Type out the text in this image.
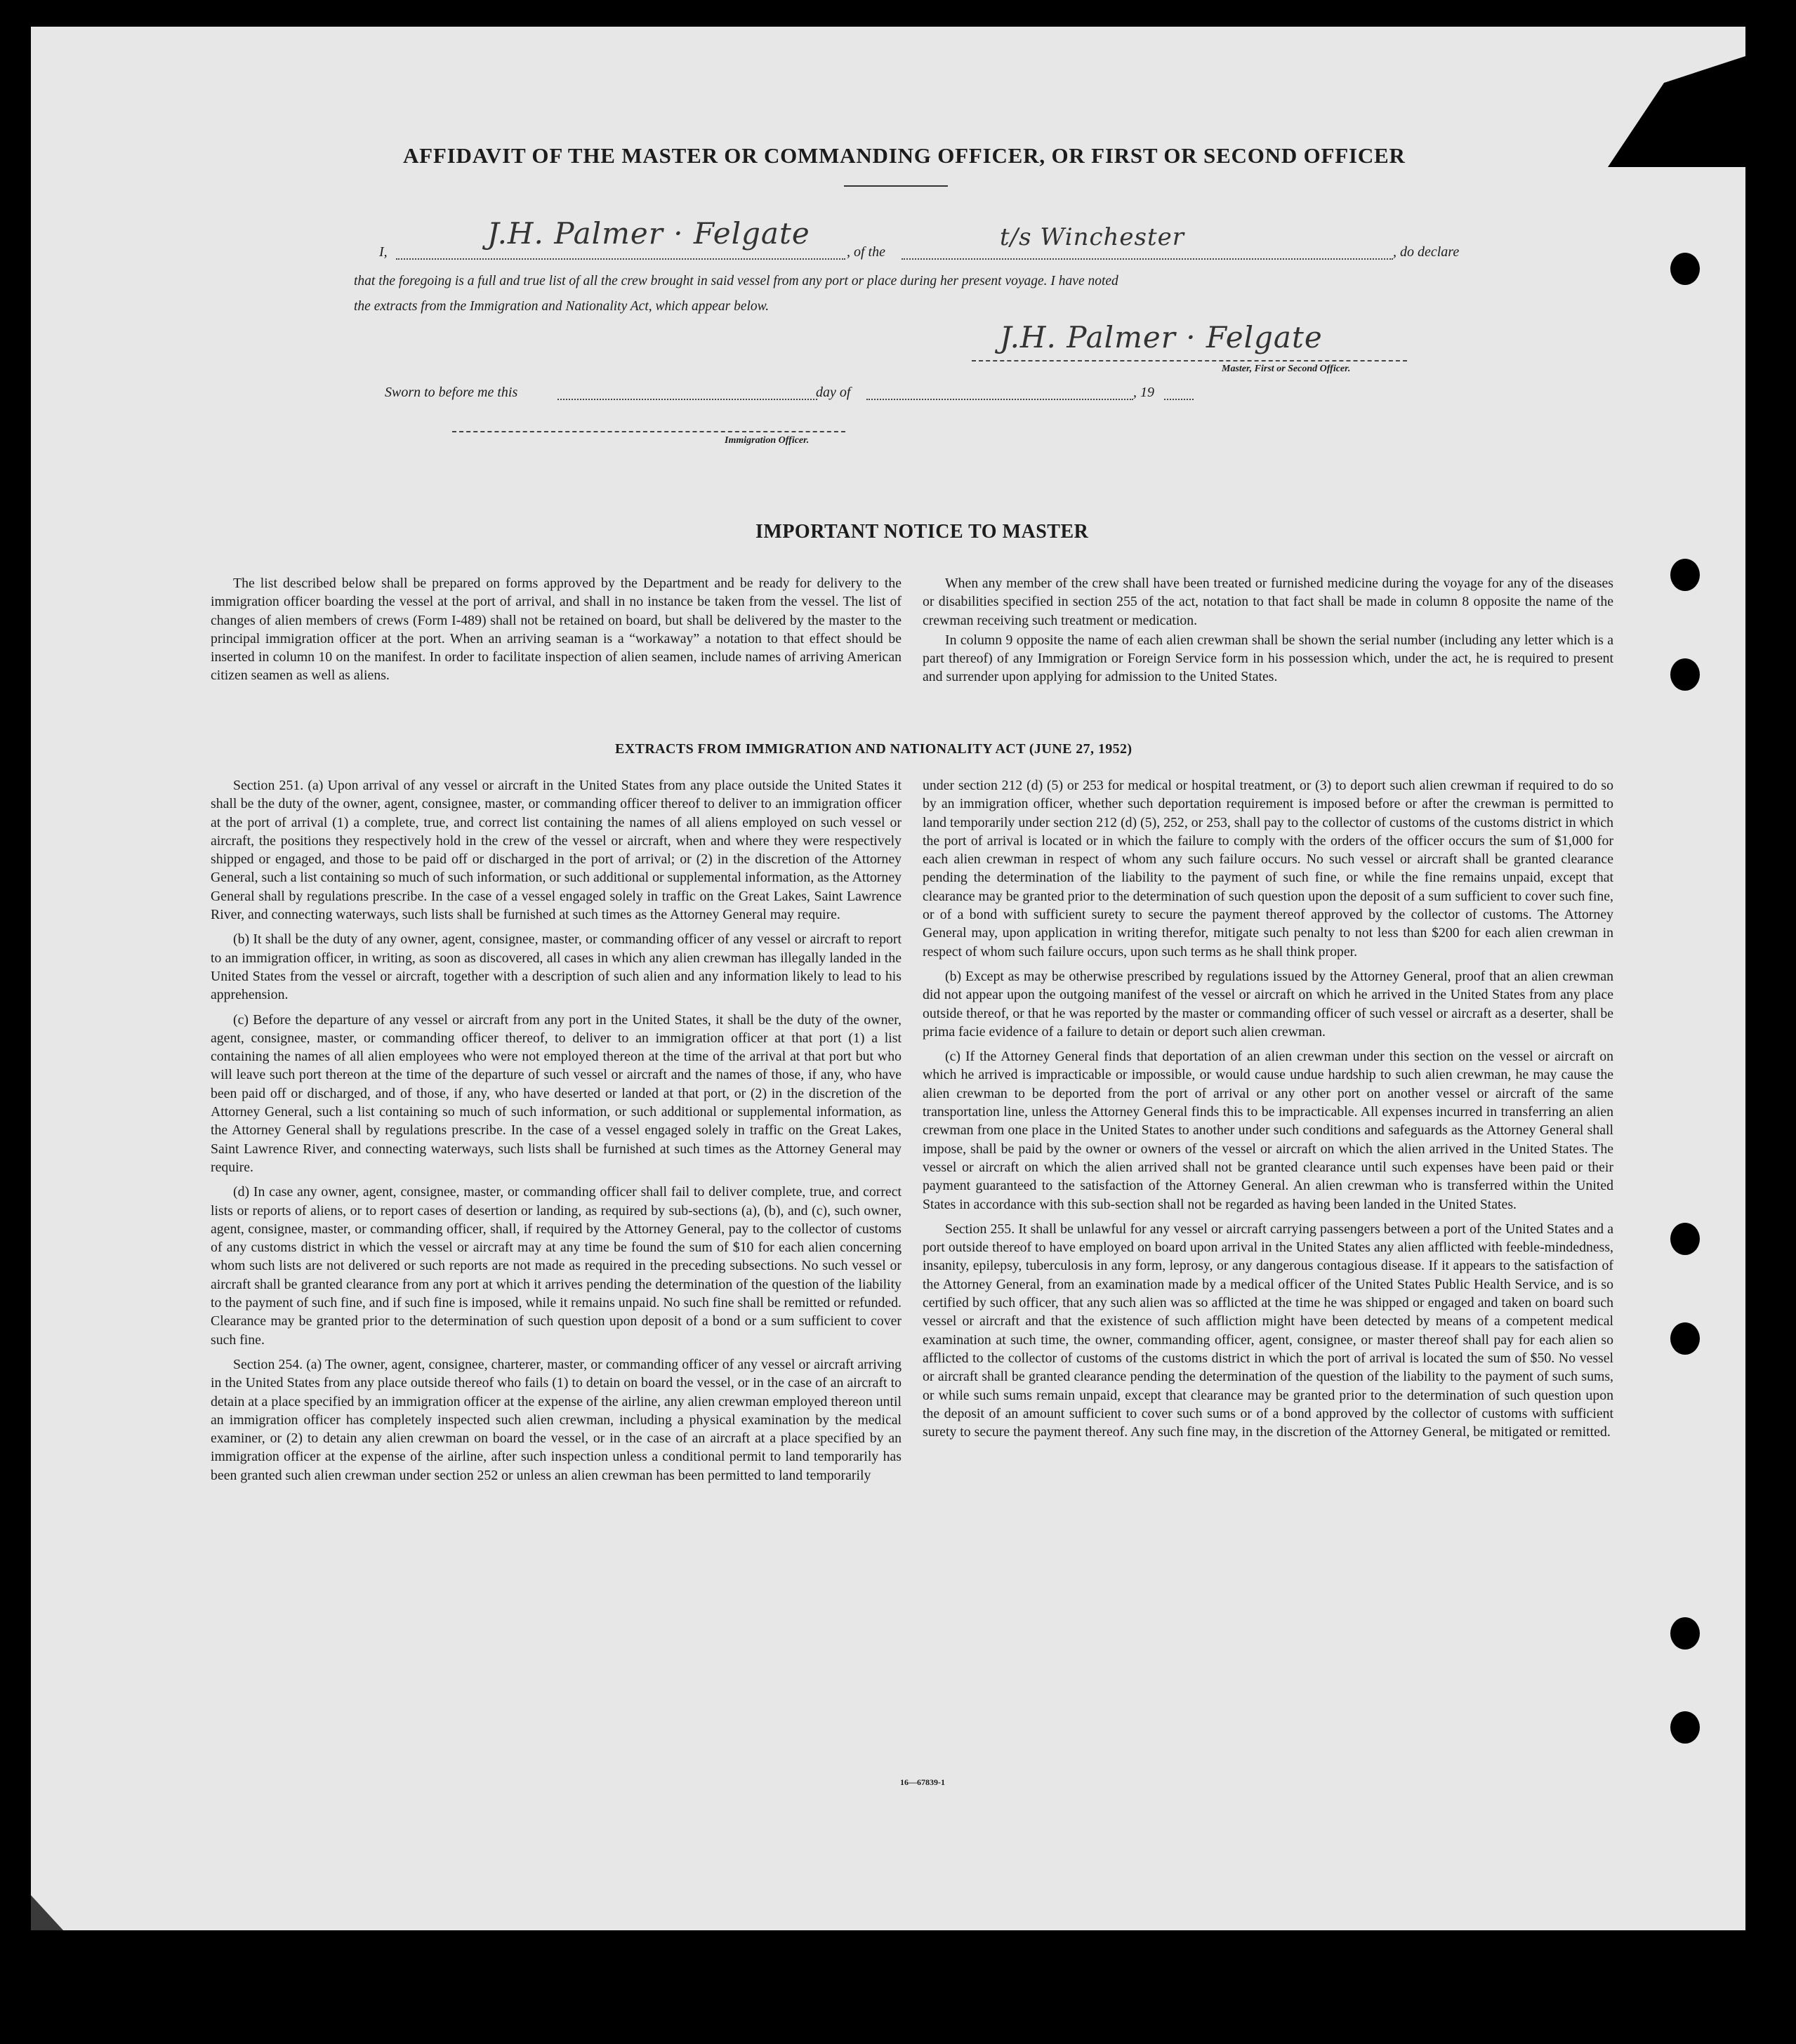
AFFIDAVIT OF THE MASTER OR COMMANDING OFFICER, OR FIRST OR SECOND OFFICER
I,
J.H. Palmer · Felgate
, of the
t/s Winchester
, do declare
that the foregoing is a full and true list of all the crew brought in said vessel from any port or place during her present voyage. I have noted
the extracts from the Immigration and Nationality Act, which appear below.
J.H. Palmer · Felgate
Master, First or Second Officer.
Sworn to before me this	day of	, 19
Immigration Officer.
IMPORTANT NOTICE TO MASTER

The list described below shall be prepared on forms approved by the Department and be ready for delivery to the immigration officer boarding the vessel at the port of arrival, and shall in no instance be taken from the vessel. The list of changes of alien members of crews (Form I-489) shall not be retained on board, but shall be delivered by the master to the principal immigration officer at the port. When an arriving seaman is a “workaway” a notation to that effect should be inserted in column 10 on the manifest. In order to facilitate inspection of alien seamen, include names of arriving American citizen seamen as well as aliens.

When any member of the crew shall have been treated or furnished medicine during the voyage for any of the diseases or disabilities specified in section 255 of the act, notation to that fact shall be made in column 8 opposite the name of the crewman receiving such treatment or medication.

In column 9 opposite the name of each alien crewman shall be shown the serial number (including any letter which is a part thereof) of any Immigration or Foreign Service form in his possession which, under the act, he is required to present and surrender upon applying for admission to the United States.

EXTRACTS FROM IMMIGRATION AND NATIONALITY ACT (JUNE 27, 1952)

Section 251. (a) Upon arrival of any vessel or aircraft in the United States from any place outside the United States it shall be the duty of the owner, agent, consignee, master, or commanding officer thereof to deliver to an immigration officer at the port of arrival (1) a complete, true, and correct list containing the names of all aliens employed on such vessel or aircraft, the positions they respectively hold in the crew of the vessel or aircraft, when and where they were respectively shipped or engaged, and those to be paid off or discharged in the port of arrival; or (2) in the discretion of the Attorney General, such a list containing so much of such information, or such additional or supplemental information, as the Attorney General shall by regulations prescribe. In the case of a vessel engaged solely in traffic on the Great Lakes, Saint Lawrence River, and connecting waterways, such lists shall be furnished at such times as the Attorney General may require.

(b) It shall be the duty of any owner, agent, consignee, master, or commanding officer of any vessel or aircraft to report to an immigration officer, in writing, as soon as discovered, all cases in which any alien crewman has illegally landed in the United States from the vessel or aircraft, together with a description of such alien and any information likely to lead to his apprehension.

(c) Before the departure of any vessel or aircraft from any port in the United States, it shall be the duty of the owner, agent, consignee, master, or commanding officer thereof, to deliver to an immigration officer at that port (1) a list containing the names of all alien employees who were not employed thereon at the time of the arrival at that port but who will leave such port thereon at the time of the departure of such vessel or aircraft and the names of those, if any, who have been paid off or discharged, and of those, if any, who have deserted or landed at that port, or (2) in the discretion of the Attorney General, such a list containing so much of such information, or such additional or supplemental information, as the Attorney General shall by regulations prescribe. In the case of a vessel engaged solely in traffic on the Great Lakes, Saint Lawrence River, and connecting waterways, such lists shall be furnished at such times as the Attorney General may require.

(d) In case any owner, agent, consignee, master, or commanding officer shall fail to deliver complete, true, and correct lists or reports of aliens, or to report cases of desertion or landing, as required by sub-sections (a), (b), and (c), such owner, agent, consignee, master, or commanding officer, shall, if required by the Attorney General, pay to the collector of customs of any customs district in which the vessel or aircraft may at any time be found the sum of $10 for each alien concerning whom such lists are not delivered or such reports are not made as required in the preceding subsections. No such vessel or aircraft shall be granted clearance from any port at which it arrives pending the determination of the question of the liability to the payment of such fine, and if such fine is imposed, while it remains unpaid. No such fine shall be remitted or refunded. Clearance may be granted prior to the determination of such question upon deposit of a bond or a sum sufficient to cover such fine.

Section 254. (a) The owner, agent, consignee, charterer, master, or commanding officer of any vessel or aircraft arriving in the United States from any place outside thereof who fails (1) to detain on board the vessel, or in the case of an aircraft to detain at a place specified by an immigration officer at the expense of the airline, any alien crewman employed thereon until an immigration officer has completely inspected such alien crewman, including a physical examination by the medical examiner, or (2) to detain any alien crewman on board the vessel, or in the case of an aircraft at a place specified by an immigration officer at the expense of the airline, after such inspection unless a conditional permit to land temporarily has been granted such alien crewman under section 252 or unless an alien crewman has been permitted to land temporarily

under section 212 (d) (5) or 253 for medical or hospital treatment, or (3) to deport such alien crewman if required to do so by an immigration officer, whether such deportation requirement is imposed before or after the crewman is permitted to land temporarily under section 212 (d) (5), 252, or 253, shall pay to the collector of customs of the customs district in which the port of arrival is located or in which the failure to comply with the orders of the officer occurs the sum of $1,000 for each alien crewman in respect of whom any such failure occurs. No such vessel or aircraft shall be granted clearance pending the determination of the liability to the payment of such fine, or while the fine remains unpaid, except that clearance may be granted prior to the determination of such question upon the deposit of a sum sufficient to cover such fine, or of a bond with sufficient surety to secure the payment thereof approved by the collector of customs. The Attorney General may, upon application in writing therefor, mitigate such penalty to not less than $200 for each alien crewman in respect of whom such failure occurs, upon such terms as he shall think proper.

(b) Except as may be otherwise prescribed by regulations issued by the Attorney General, proof that an alien crewman did not appear upon the outgoing manifest of the vessel or aircraft on which he arrived in the United States from any place outside thereof, or that he was reported by the master or commanding officer of such vessel or aircraft as a deserter, shall be prima facie evidence of a failure to detain or deport such alien crewman.

(c) If the Attorney General finds that deportation of an alien crewman under this section on the vessel or aircraft on which he arrived is impracticable or impossible, or would cause undue hardship to such alien crewman, he may cause the alien crewman to be deported from the port of arrival or any other port on another vessel or aircraft of the same transportation line, unless the Attorney General finds this to be impracticable. All expenses incurred in transferring an alien crewman from one place in the United States to another under such conditions and safeguards as the Attorney General shall impose, shall be paid by the owner or owners of the vessel or aircraft on which the alien arrived in the United States. The vessel or aircraft on which the alien arrived shall not be granted clearance until such expenses have been paid or their payment guaranteed to the satisfaction of the Attorney General. An alien crewman who is transferred within the United States in accordance with this sub-section shall not be regarded as having been landed in the United States.

Section 255. It shall be unlawful for any vessel or aircraft carrying passengers between a port of the United States and a port outside thereof to have employed on board upon arrival in the United States any alien afflicted with feeble-mindedness, insanity, epilepsy, tuberculosis in any form, leprosy, or any dangerous contagious disease. If it appears to the satisfaction of the Attorney General, from an examination made by a medical officer of the United States Public Health Service, and is so certified by such officer, that any such alien was so afflicted at the time he was shipped or engaged and taken on board such vessel or aircraft and that the existence of such affliction might have been detected by means of a competent medical examination at such time, the owner, commanding officer, agent, consignee, or master thereof shall pay for each alien so afflicted to the collector of customs of the customs district in which the port of arrival is located the sum of $50. No vessel or aircraft shall be granted clearance pending the determination of the question of the liability to the payment of such sums, or while such sums remain unpaid, except that clearance may be granted prior to the determination of such question upon the deposit of an amount sufficient to cover such sums or of a bond approved by the collector of customs with sufficient surety to secure the payment thereof. Any such fine may, in the discretion of the Attorney General, be mitigated or remitted.

16—67839-1
